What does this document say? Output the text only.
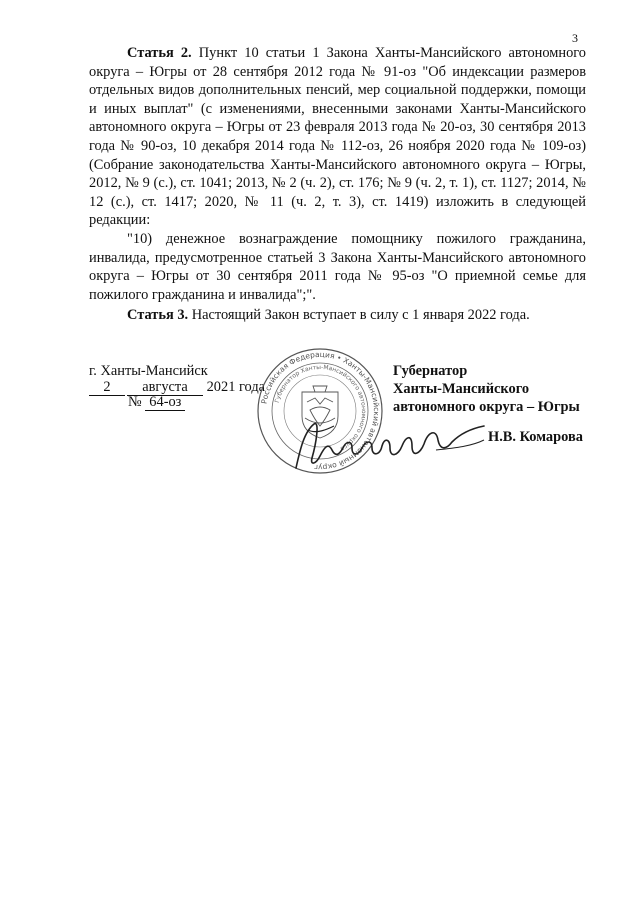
3

Статья 2. Пункт 10 статьи 1 Закона Ханты-Мансийского автономного округа – Югры от 28 сентября 2012 года № 91-оз "Об индексации размеров отдельных видов дополнительных пенсий, мер социальной поддержки, помощи и иных выплат" (с изменениями, внесенными законами Ханты-Мансийского автономного округа – Югры от 23 февраля 2013 года № 20-оз, 30 сентября 2013 года № 90-оз, 10 декабря 2014 года № 112-оз, 26 ноября 2020 года № 109-оз) (Собрание законодательства Ханты-Мансийского автономного округа – Югры, 2012, № 9 (с.), ст. 1041; 2013, № 2 (ч. 2), ст. 176; № 9 (ч. 2, т. 1), ст. 1127; 2014, № 12 (с.), ст. 1417; 2020, № 11 (ч. 2, т. 3), ст. 1419) изложить в следующей редакции:

"10) денежное вознаграждение помощнику пожилого гражданина, инвалида, предусмотренное статьей 3 Закона Ханты-Мансийского автономного округа – Югры от 30 сентября 2011 года № 95-оз "О приемной семье для пожилого гражданина и инвалида";".

Статья 3. Настоящий Закон вступает в силу с 1 января 2022 года.

г. Ханты-Мансийск
2 августа 2021 года
№ 64-оз
Губернатор
Ханты-Мансийского
автономного округа – Югры
Российская Федерация • Ханты-Мансийский автономный округ
Губернатор Ханты-Мансийского автономного округа
Н.В. Комарова
